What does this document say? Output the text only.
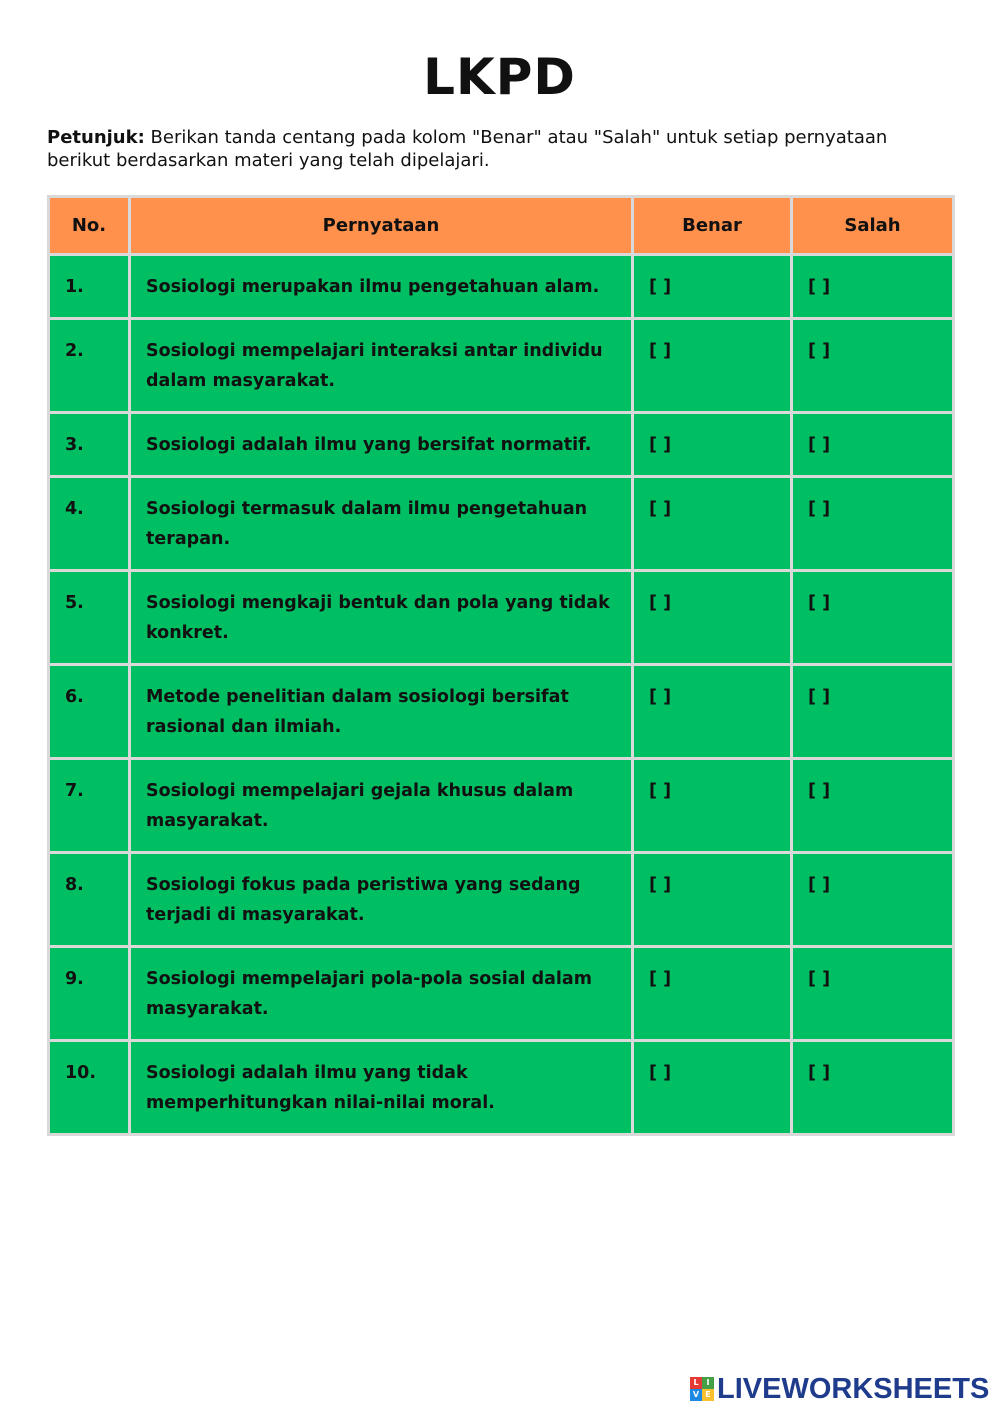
LKPD

Petunjuk: Berikan tanda centang pada kolom "Benar" atau "Salah" untuk setiap pernyataan berikut berdasarkan materi yang telah dipelajari.

No.	Pernyataan	Benar	Salah
1.	Sosiologi merupakan ilmu pengetahuan alam.	[ ]	[ ]
2.	Sosiologi mempelajari interaksi antar individu dalam masyarakat.	[ ]	[ ]
3.	Sosiologi adalah ilmu yang bersifat normatif.	[ ]	[ ]
4.	Sosiologi termasuk dalam ilmu pengetahuan terapan.	[ ]	[ ]
5.	Sosiologi mengkaji bentuk dan pola yang tidak konkret.	[ ]	[ ]
6.	Metode penelitian dalam sosiologi bersifat rasional dan ilmiah.	[ ]	[ ]
7.	Sosiologi mempelajari gejala khusus dalam masyarakat.	[ ]	[ ]
8.	Sosiologi fokus pada peristiwa yang sedang terjadi di masyarakat.	[ ]	[ ]
9.	Sosiologi mempelajari pola-pola sosial dalam masyarakat.	[ ]	[ ]
10.	Sosiologi adalah ilmu yang tidak memperhitungkan nilai-nilai moral.	[ ]	[ ]
L I
V E LIVEWORKSHEETS
